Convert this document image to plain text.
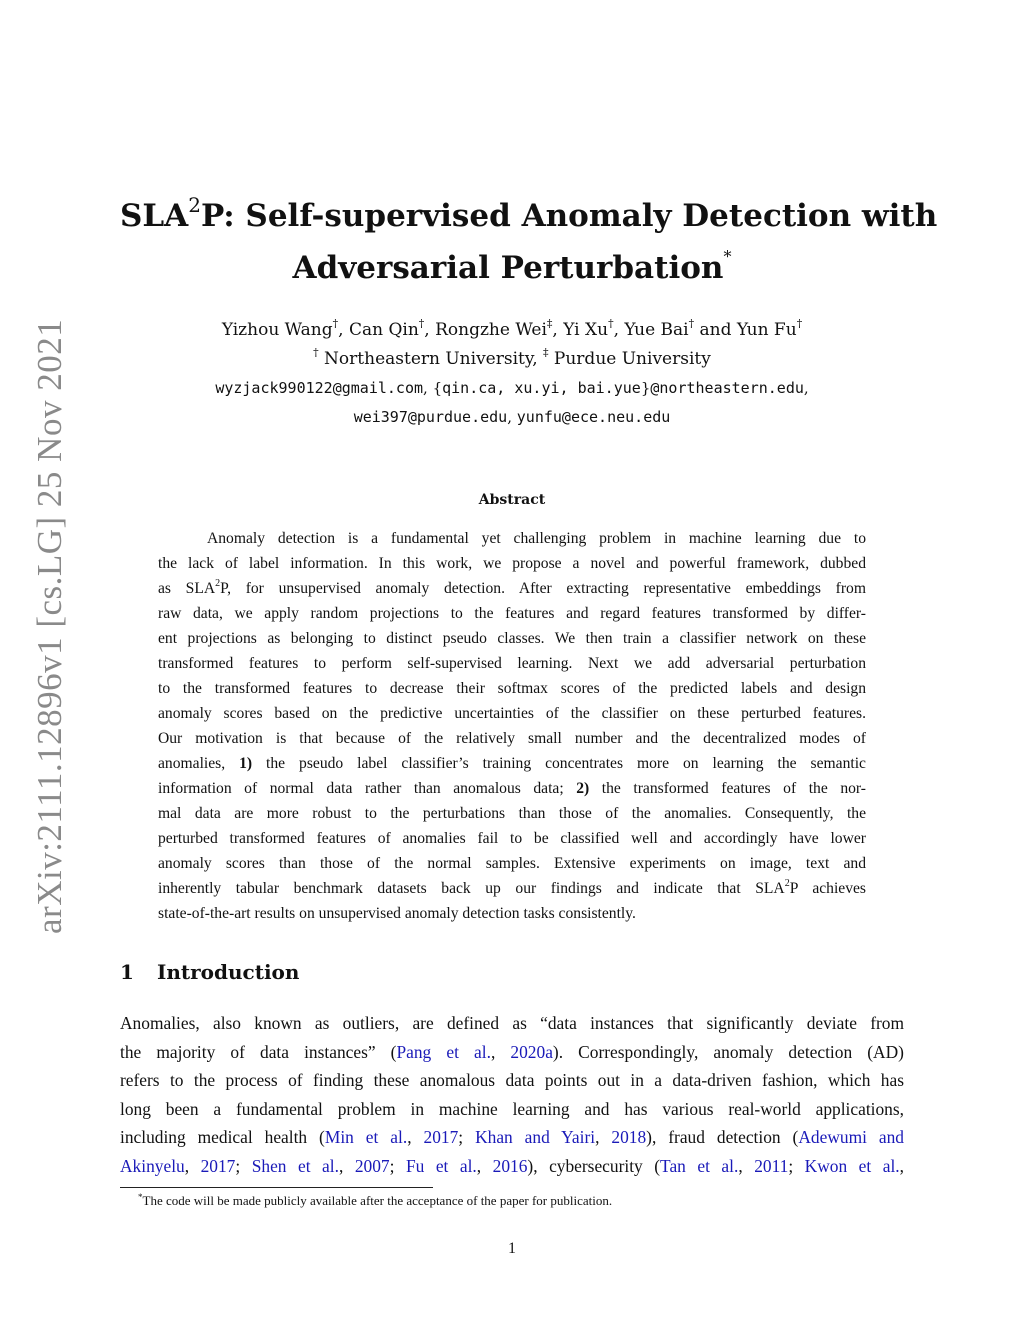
arXiv:2111.12896v1 [cs.LG] 25 Nov 2021
SLA$^2$P: Self-supervised Anomaly Detection with
Adversarial Perturbation*
Yizhou Wang†, Can Qin†, Rongzhe Wei‡, Yi Xu†, Yue Bai† and Yun Fu†
† Northeastern University, ‡ Purdue University
wyzjack990122@gmail.com, {qin.ca, xu.yi, bai.yue}@northeastern.edu,
wei397@purdue.edu, yunfu@ece.neu.edu
Abstract
Anomaly detection is a fundamental yet challenging problem in machine learning due to
the lack of label information. In this work, we propose a novel and powerful framework, dubbed
as SLA$^2$P, for unsupervised anomaly detection. After extracting representative embeddings from
raw data, we apply random projections to the features and regard features transformed by differ-
ent projections as belonging to distinct pseudo classes. We then train a classifier network on these
transformed features to perform self-supervised learning. Next we add adversarial perturbation
to the transformed features to decrease their softmax scores of the predicted labels and design
anomaly scores based on the predictive uncertainties of the classifier on these perturbed features.
Our motivation is that because of the relatively small number and the decentralized modes of
anomalies, 1) the pseudo label classifier’s training concentrates more on learning the semantic
information of normal data rather than anomalous data; 2) the transformed features of the nor-
mal data are more robust to the perturbations than those of the anomalies. Consequently, the
perturbed transformed features of anomalies fail to be classified well and accordingly have lower
anomaly scores than those of the normal samples. Extensive experiments on image, text and
inherently tabular benchmark datasets back up our findings and indicate that SLA$^2$P achieves
state-of-the-art results on unsupervised anomaly detection tasks consistently.
1 Introduction
Anomalies, also known as outliers, are defined as “data instances that significantly deviate from
the majority of data instances” (Pang et al., 2020a). Correspondingly, anomaly detection (AD)
refers to the process of finding these anomalous data points out in a data-driven fashion, which has
long been a fundamental problem in machine learning and has various real-world applications,
including medical health (Min et al., 2017; Khan and Yairi, 2018), fraud detection (Adewumi and
Akinyelu, 2017; Shen et al., 2007; Fu et al., 2016), cybersecurity (Tan et al., 2011; Kwon et al.,
*The code will be made publicly available after the acceptance of the paper for publication.
1
